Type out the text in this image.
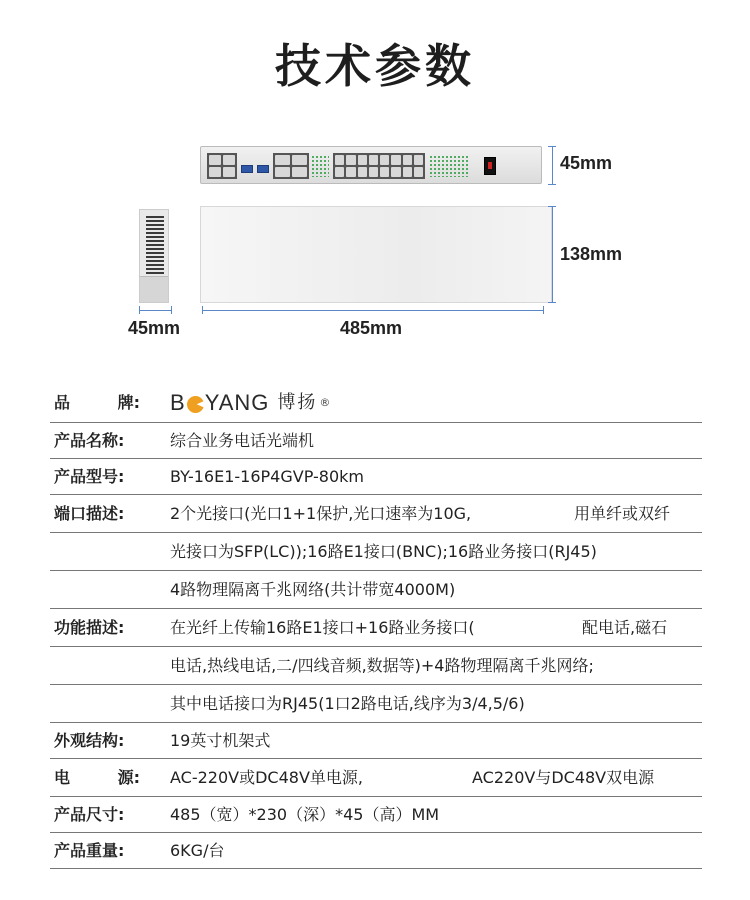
技术参数
45mm
138mm
45mm	485mm
品	牌: B YANG 博扬 ®
产品名称:	综合业务电话光端机
产品型号:	BY-16E1-16P4GVP-80km
端口描述:	2个光接口(光口1+1保护,光口速率为10G,	用单纤或双纤
光接口为SFP(LC));16路E1接口(BNC);16路业务接口(RJ45)
4路物理隔离千兆网络(共计带宽4000M)
功能描述:	在光纤上传输16路E1接口+16路业务接口(	配电话,磁石
电话,热线电话,二/四线音频,数据等)+4路物理隔离千兆网络;
其中电话接口为RJ45(1口2路电话,线序为3/4,5/6)
外观结构:	19英寸机架式
电	源: AC-220V或DC48V单电源,	AC220V与DC48V双电源
产品尺寸:	485（宽）*230（深）*45（高）MM
产品重量:	6KG/台
